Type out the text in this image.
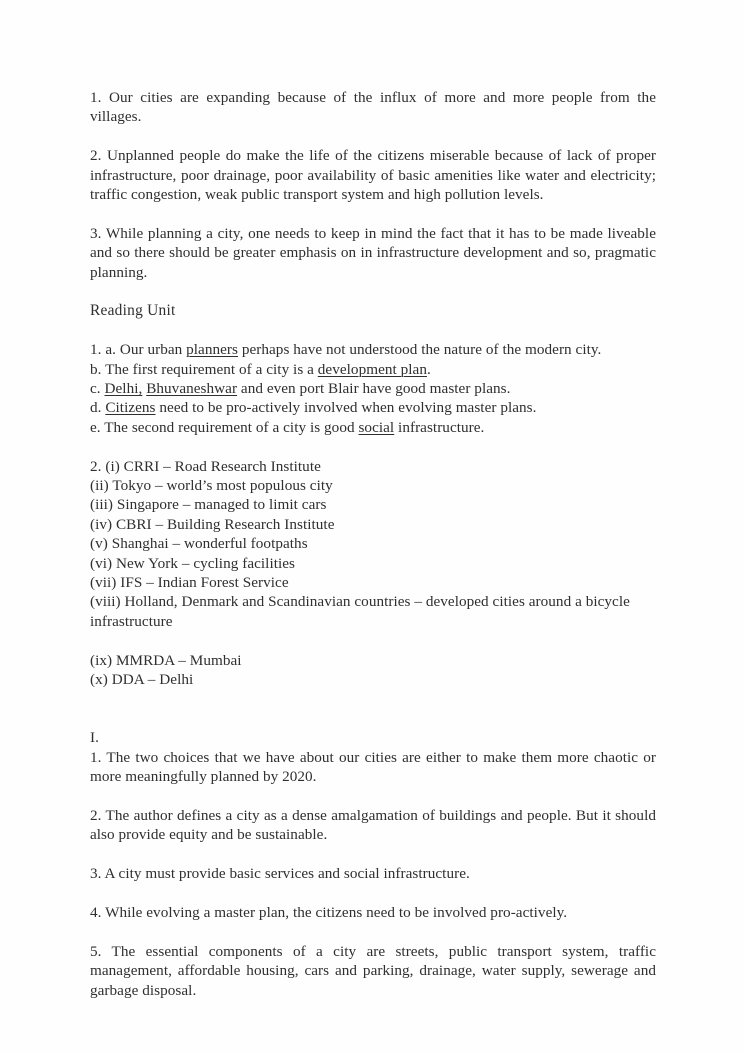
1. Our cities are expanding because of the influx of more and more people from the villages.

2. Unplanned people do make the life of the citizens miserable because of lack of proper infrastructure, poor drainage, poor availability of basic amenities like water and electricity; traffic congestion, weak public transport system and high pollution levels.

3. While planning a city, one needs to keep in mind the fact that it has to be made liveable and so there should be greater emphasis on in infrastructure development and so, pragmatic planning.

Reading Unit

1. a. Our urban planners perhaps have not understood the nature of the modern city.
b. The first requirement of a city is a development plan.
c. Delhi, Bhuvaneshwar and even port Blair have good master plans.
d. Citizens need to be pro-actively involved when evolving master plans.
e. The second requirement of a city is good social infrastructure.
2. (i) CRRI – Road Research Institute
(ii) Tokyo – world’s most populous city
(iii) Singapore – managed to limit cars
(iv) CBRI – Building Research Institute
(v) Shanghai – wonderful footpaths
(vi) New York – cycling facilities
(vii) IFS – Indian Forest Service
(viii) Holland, Denmark and Scandinavian countries – developed cities around a bicycle infrastructure
(ix) MMRDA – Mumbai
(x) DDA – Delhi
I.

1. The two choices that we have about our cities are either to make them more chaotic or more meaningfully planned by 2020.

2. The author defines a city as a dense amalgamation of buildings and people. But it should also provide equity and be sustainable.

3. A city must provide basic services and social infrastructure.

4. While evolving a master plan, the citizens need to be involved pro-actively.

5. The essential components of a city are streets, public transport system, traffic management, affordable housing, cars and parking, drainage, water supply, sewerage and garbage disposal.
